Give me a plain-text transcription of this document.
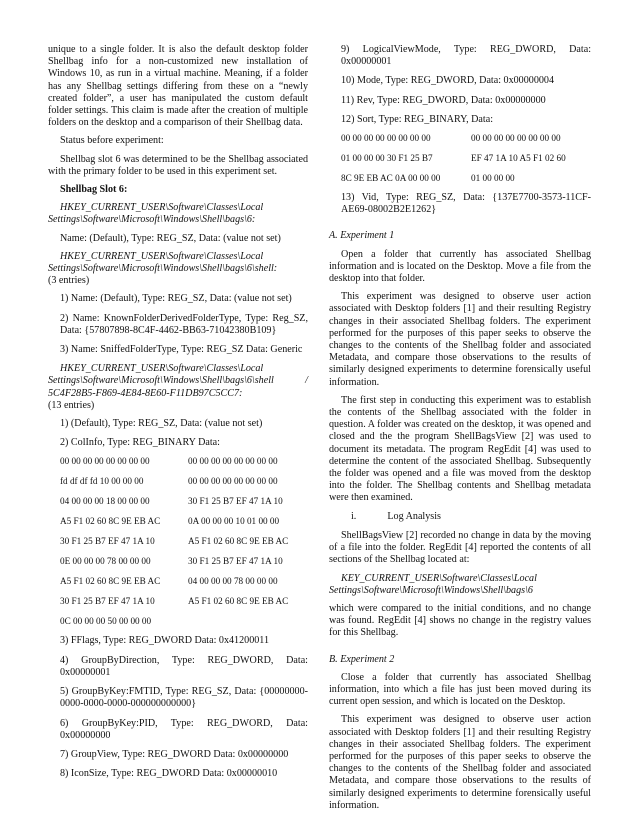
unique to a single folder. It is also the default desktop folder Shellbag info for a non-customized new installation of Windows 10, as run in a virtual machine. Meaning, if a folder has any Shellbag settings differing from these on a “newly created folder”, a user has manipulated the custom default folder settings. This claim is made after the creation of multiple folders on the desktop and a comparison of their Shellbag data.

Status before experiment:

Shellbag slot 6 was determined to be the Shellbag associated with the primary folder to be used in this experiment set.

Shellbag Slot 6:

HKEY_CURRENT_USER\Software\Classes\Local Settings\Software\Microsoft\Windows\Shell\bags\6:

Name: (Default), Type: REG_SZ, Data: (value not set)

HKEY_CURRENT_USER\Software\Classes\Local Settings\Software\Microsoft\Windows\Shell\bags\6\shell:

(3 entries)

1) Name: (Default), Type: REG_SZ, Data: (value not set)

2) Name: KnownFolderDerivedFolderType, Type: Reg_SZ, Data: {57807898-8C4F-4462-BB63-71042380B109}

3) Name: SniffedFolderType, Type: REG_SZ Data: Generic

HKEY_CURRENT_USER\Software\Classes\Local Settings\Software\Microsoft\Windows\Shell\bags\6\shell / 5C4F28B5-F869-4E84-8E60-F11DB97C5CC7:

(13 entries)

1) (Default), Type: REG_SZ, Data: (value not set)

2) ColInfo, Type: REG_BINARY Data:

00 00 00 00 00 00 00 00	00 00 00 00 00 00 00 00
fd df df fd 10 00 00 00	00 00 00 00 00 00 00 00
04 00 00 00 18 00 00 00	30 F1 25 B7 EF 47 1A 10
A5 F1 02 60 8C 9E EB AC	0A 00 00 00 10 01 00 00
30 F1 25 B7 EF 47 1A 10	A5 F1 02 60 8C 9E EB AC
0E 00 00 00 78 00 00 00	30 F1 25 B7 EF 47 1A 10
A5 F1 02 60 8C 9E EB AC	04 00 00 00 78 00 00 00
30 F1 25 B7 EF 47 1A 10	A5 F1 02 60 8C 9E EB AC
0C 00 00 00 50 00 00 00

3) FFlags, Type: REG_DWORD Data: 0x41200011

4) GroupByDirection, Type: REG_DWORD, Data: 0x00000001

5) GroupByKey:FMTID, Type: REG_SZ, Data: {00000000-0000-0000-0000-000000000000}

6) GroupByKey:PID, Type: REG_DWORD, Data: 0x00000000

7) GroupView, Type: REG_DWORD Data: 0x00000000

8) IconSize, Type: REG_DWORD Data: 0x00000010

9) LogicalViewMode, Type: REG_DWORD, Data: 0x00000001

10) Mode, Type: REG_DWORD, Data: 0x00000004

11) Rev, Type: REG_DWORD, Data: 0x00000000

12) Sort, Type: REG_BINARY, Data:

00 00 00 00 00 00 00 00	00 00 00 00 00 00 00 00
01 00 00 00 30 F1 25 B7	EF 47 1A 10 A5 F1 02 60
8C 9E EB AC 0A 00 00 00	01 00 00 00

13) Vid, Type: REG_SZ, Data: {137E7700-3573-11CF-AE69-08002B2E1262}

A. Experiment 1

Open a folder that currently has associated Shellbag information and is located on the Desktop. Move a file from the desktop into that folder.

This experiment was designed to observe user action associated with Desktop folders [1] and their resulting Registry changes in their associated Shellbag folders. The experiment performed for the purposes of this paper seeks to observe the changes to the contents of the Shellbag folder and associated Metadata, and compare those observations to the results of similarly designed experiments to determine forensically useful information.

The first step in conducting this experiment was to establish the contents of the Shellbag associated with the folder in question. A folder was created on the desktop, it was opened and closed and the the program ShellBagsView [2] was used to document its metadata. The program RegEdit [4] was used to determine the content of the associated Shellbag. Subsequently the folder was opened and a file was moved from the desktop into the folder. The Shellbag contents and Shellbag metadata were then examined.

i.	Log Analysis

ShellBagsView [2] recorded no change in data by the moving of a file into the folder. RegEdit [4] reported the contents of all sections of the Shellbag located at:

KEY_CURRENT_USER\Software\Classes\Local Settings\Software\Microsoft\Windows\Shell\bags\6

which were compared to the initial conditions, and no change was found. RegEdit [4] shows no change in the registry values for this Shellbag.

B. Experiment 2

Close a folder that currently has associated Shellbag information, into which a file has just been moved during its current open session, and which is located on the Desktop.

This experiment was designed to observe user action associated with Desktop folders [1] and their resulting Registry changes in their associated Shellbag folders. The experiment performed for the purposes of this paper seeks to observe the changes to the contents of the Shellbag folder and associated Metadata, and compare those observations to the results of similarly designed experiments to determine forensically useful information.
